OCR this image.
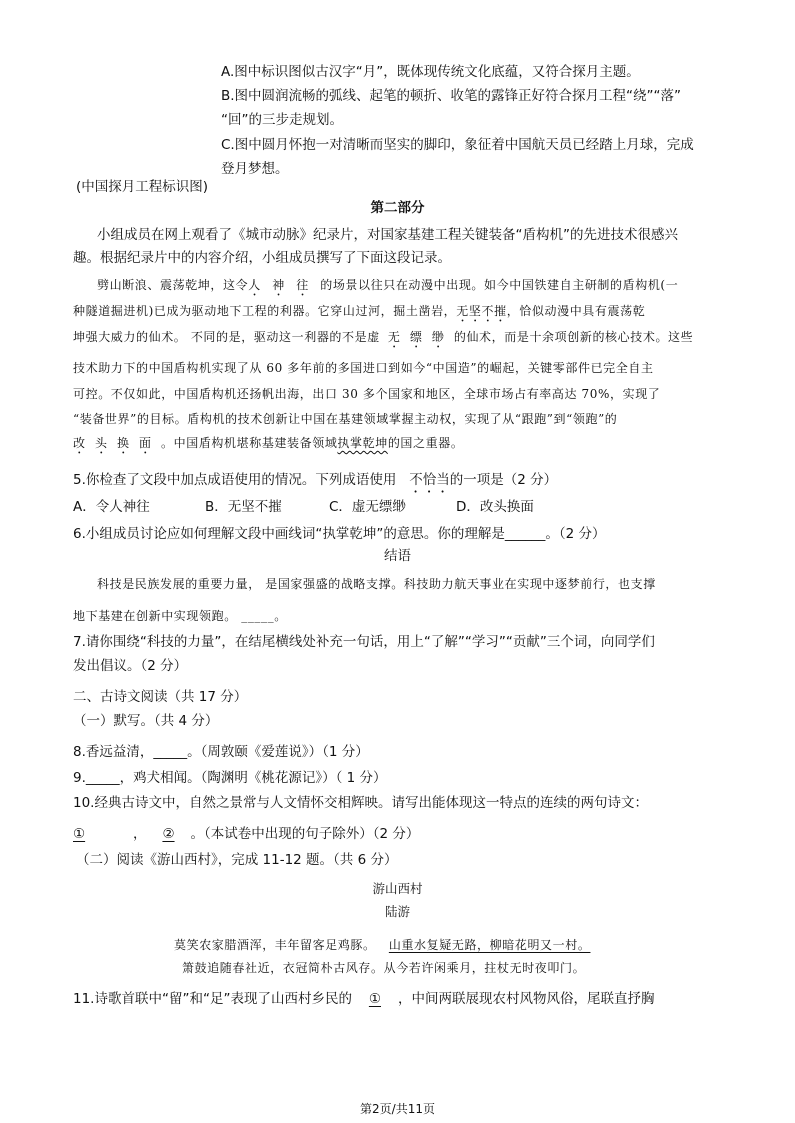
A.图中标识图似古汉字“月”，既体现传统文化底蕴，又符合探月主题。
B.图中圆润流畅的弧线、起笔的顿折、收笔的露锋正好符合探月工程“绕”“落”
“回”的三步走规划。
C.图中圆月怀抱一对清晰而坚实的脚印，象征着中国航天员已经踏上月球，完成
登月梦想。
(中国探月工程标识图)
第二部分
小组成员在网上观看了《城市动脉》纪录片，对国家基建工程关键装备“盾构机”的先进技术很感兴
趣。根据纪录片中的内容介绍，小组成员撰写了下面这段记录。
劈山断浪、震荡乾坤，这令人神往的场景以往只在动漫中出现。如今中国铁建自主研制的盾构机(一
种隧道掘进机)已成为驱动地下工程的利器。它穿山过河，掘土凿岩，无坚不摧，恰似动漫中具有震荡乾
坤强大威力的仙术。 不同的是，驱动这一利器的不是虚 无缥缈的仙术，而是十余项创新的核心技术。这些
技术助力下的中国盾构机实现了从 60 多年前的多国进口到如今“中国造”的崛起，关键零部件已完全自主
可控。不仅如此，中国盾构机还扬帆出海，出口 30 多个国家和地区，全球市场占有率高达 70%，实现了
“装备世界”的目标。盾构机的技术创新让中国在基建领域掌握主动权，实现了从“跟跑”到“领跑”的
改头换面。中国盾构机堪称基建装备领域执掌乾坤的国之重器。
5.你检查了文段中加点成语使用的情况。下列成语使用 不恰当的一项是（2 分）
A．令人神往	B．无坚不摧	C．虚无缥缈	D．改头换面
6.小组成员讨论应如何理解文段中画线词“执掌乾坤”的意思。你的理解是______。（2 分）
结语
科技是民族发展的重要力量， 是国家强盛的战略支撑。科技助力航天事业在实现中逐梦前行，也支撑
地下基建在创新中实现领跑。 _____。
7.请你围绕“科技的力量”，在结尾横线处补充一句话，用上“了解”“学习”“贡献”三个词，向同学们
发出倡议。（2 分）
二、古诗文阅读（共 17 分）
（一）默写。（共 4 分）
8.香远益清，_____。（周敦颐《爱莲说》）（1 分）
9._____，鸡犬相闻。（陶渊明《桃花源记》）（ 1 分）
10.经典古诗文中，自然之景常与人文情怀交相辉映。请写出能体现这一特点的连续的两句诗文：
①	， ② 。（本试卷中出现的句子除外）（2 分）
（二）阅读《游山西村》，完成 11-12 题。（共 6 分）
游山西村
陆游
莫笑农家腊酒浑，丰年留客足鸡豚。 山重水复疑无路，柳暗花明又一村。
箫鼓追随春社近，衣冠简朴古风存。从今若许闲乘月，拄杖无时夜叩门。
11.诗歌首联中“留”和“足”表现了山西村乡民的 ① ，中间两联展现农村风物风俗，尾联直抒胸
第2页/共11页
